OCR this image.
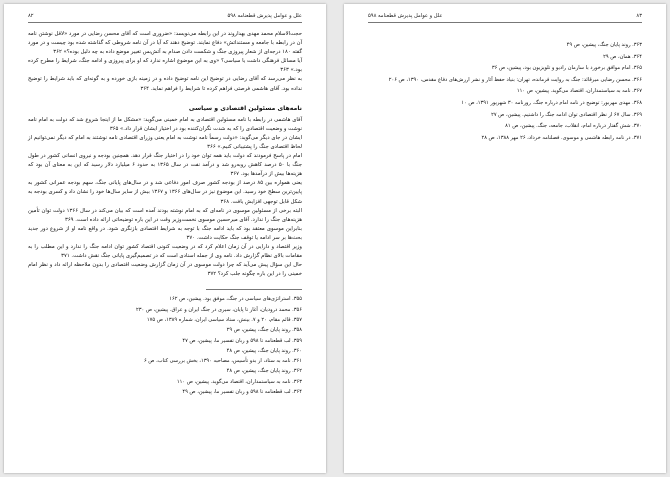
۸۲	علل و عوامل پذیرش قطعنامه ۵۹۸

حجت‌الاسلام محمد مهدی بهداروند در این رابطه می‌نویسد: «ضروری است که آقای محسن رضایی در مورد «لاقل نوشتن نامه آن در رابطه با جامعه و مستنداتش» دفاع نمایند. توضیح دهند که آیا در آن نامه شروطی که گذاشته شده بود چیست و در مورد گفته ۱۸۰ درجه‌ای از شعار پیروزی جنگ و شکست دادن صدام به آتش‌بس تغییر موضع داده به چه دلیل بوده؟» ۳۶۲

آیا مسائل فرهنگی داشت یا سیاسی؟ «وی به این موضوع اشاره ندارد که او برای پیروزی و ادامه جنگ، شرایط را مطرح کرده بود.» ۳۶۳

به نظر می‌رسد که آقای رضایی در توضیح این نامه توضیح داده و در زمینه بازی خورده و به گونه‌ای که باید شرایط را توضیح نداده بود. آقای هاشمی فرصتی فراهم کرده تا شرایط را فراهم نماید. ۳۶۴

نامه‌های مسئولین اقتصادی و سیاسی

آقای هاشمی در رابطه با نامه مسئولین اقتصادی به امام خمینی می‌گوید: «مشکل ما از اینجا شروع شد که دولت به امام نامه نوشت و وضعیت اقتصادی را که به شدت نگران‌کننده بود در اختیار ایشان قرار داد.» ۳۶۵

ایشان در جای دیگر می‌گوید: «دولت رسماً نامه نوشت به امام یعنی وزرای اقتصادی نامه نوشتند به امام که دیگر نمی‌توانیم از لحاظ اقتصادی جنگ را پشتیبانی کنیم.» ۳۶۶

امام در پاسخ فرمودند که دولت باید همه توان خود را در اختیار جنگ قرار دهد. همچنین بودجه و نیروی انسانی کشور در طول جنگ با ۵۰ درصد کاهش روبه‌رو شد و درآمد نفت در سال ۱۳۶۵ به حدود ۶ میلیارد دلار رسید که این به معنای آن بود که هزینه‌ها بیش از درآمدها بود. ۳۶۷

یعنی همواره بین ۸۵ درصد از بودجه کشور صرف امور دفاعی شد و در سال‌های پایانی جنگ، سهم بودجه عمرانی کشور به پایین‌ترین سطح خود رسید. این موضوع نیز در سال‌های ۱۳۶۶ و ۱۳۶۷ بیش از سایر سال‌ها خود را نشان داد و کسری بودجه به شکل قابل توجهی افزایش یافت. ۳۶۸

البته برخی از مسئولین موسوی در نامه‌ای که به امام نوشته بودند آمده است که بیان می‌کند در سال ۱۳۶۶ دولت توان تأمین هزینه‌های جنگ را ندارد. آقای میرحسین موسوی نخست‌وزیر وقت در این باره توضیحاتی ارائه داده است. ۳۶۹

بنابراین موسوی معتقد بود که باید ادامه جنگ با توجه به شرایط اقتصادی بازنگری شود. در واقع نامه او از شروع دور جدید بحث‌ها بر سر ادامه یا توقف جنگ حکایت داشت. ۳۷۰

وزیر اقتصاد و دارایی در آن زمان اعلام کرد که در وضعیت کنونی اقتصاد کشور توان ادامه جنگ را ندارد و این مطلب را به مقامات بالای نظام گزارش داد. نامه وی از جمله اسنادی است که در تصمیم‌گیری پایانی جنگ نقش داشت. ۳۷۱

حال این سؤال پیش می‌آید که چرا دولت موسوی در آن زمان گزارش وضعیت اقتصادی را بدون ملاحظه ارائه داد و نظر امام خمینی را در این باره چگونه جلب کرد؟ ۳۷۲

۳۵۵. استراتژی‌های سیاسی در جنگ، موفق بود. پیشین، ص ۱۶۲
۳۵۶. محمد درودیان، آغاز تا پایان، سیری در جنگ ایران و عراق. پیشین، ص ۲۳۰
۳۵۷. قائم مقام، ۲۰ و ۷. بینش، ستاد سیاسی ایران، شماره ۱۳۸۹، ص ۱۷۵
۳۵۸. روند پایان جنگ، پیشین، ص ۲۹
۳۵۹. لب قطعنامه تا ۵۹۸ و زبان تفسیر ما، پیشین، ص ۴۷
۳۶۰. روند پایان جنگ، پیشین، ص ۴۸
۳۶۱. نامه به ستاد، از بدو تأسیس، مصاحبه ۱۳۹۰، بخش بررسی کتاب، ص ۶
۳۶۲. روند پایان جنگ، پیشین، ص ۴۸
۳۶۳. نامه به سیاستمداران، اقتصاد می‌گوید. پیشین، ص ۱۱۰
۳۶۴. لب قطعنامه تا ۵۹۸ و زبان تفسیر ما، پیشین، ص ۴۹
۸۳
علل و عوامل پذیرش قطعنامه ۵۹۸
۳۶۳. روند پایان جنگ، پیشین، ص ۴۹
۳۶۴. همان، ص ۲۹
۳۶۵. امام موافق برخورد با سازمان رادیو و تلویزیون بود، پیشین، ص ۳۶
۳۶۶. محسن رضایی میرقائد: جنگ به روایت فرمانده، تهران: بنیاد حفظ آثار و نشر ارزش‌های دفاع مقدس، ۱۳۹۰، ص ۲۰۶
۳۶۷. نامه به سیاستمداران، اقتصاد می‌گوید. پیشین، ص ۱۱۰
۳۶۸. مهدی مهربور: توضیح در نامه امام درباره جنگ. روزنامه ۳۰ شهریور ۱۳۹۱، ص ۱۰
۳۶۹. سال ۶۷ از نظر اقتصادی توان ادامه جنگ را داشتیم. پیشین، ص ۲۷
۳۷۰. شش گفتار درباره امام، انقلاب، جامعه، جنگ. پیشین، ص ۸۱
۳۷۱. در نامه رابطه هاشمی و موسوی. فصلنامه خرداد، ۲۶ مهر ۱۳۸۸، ص ۲۸
